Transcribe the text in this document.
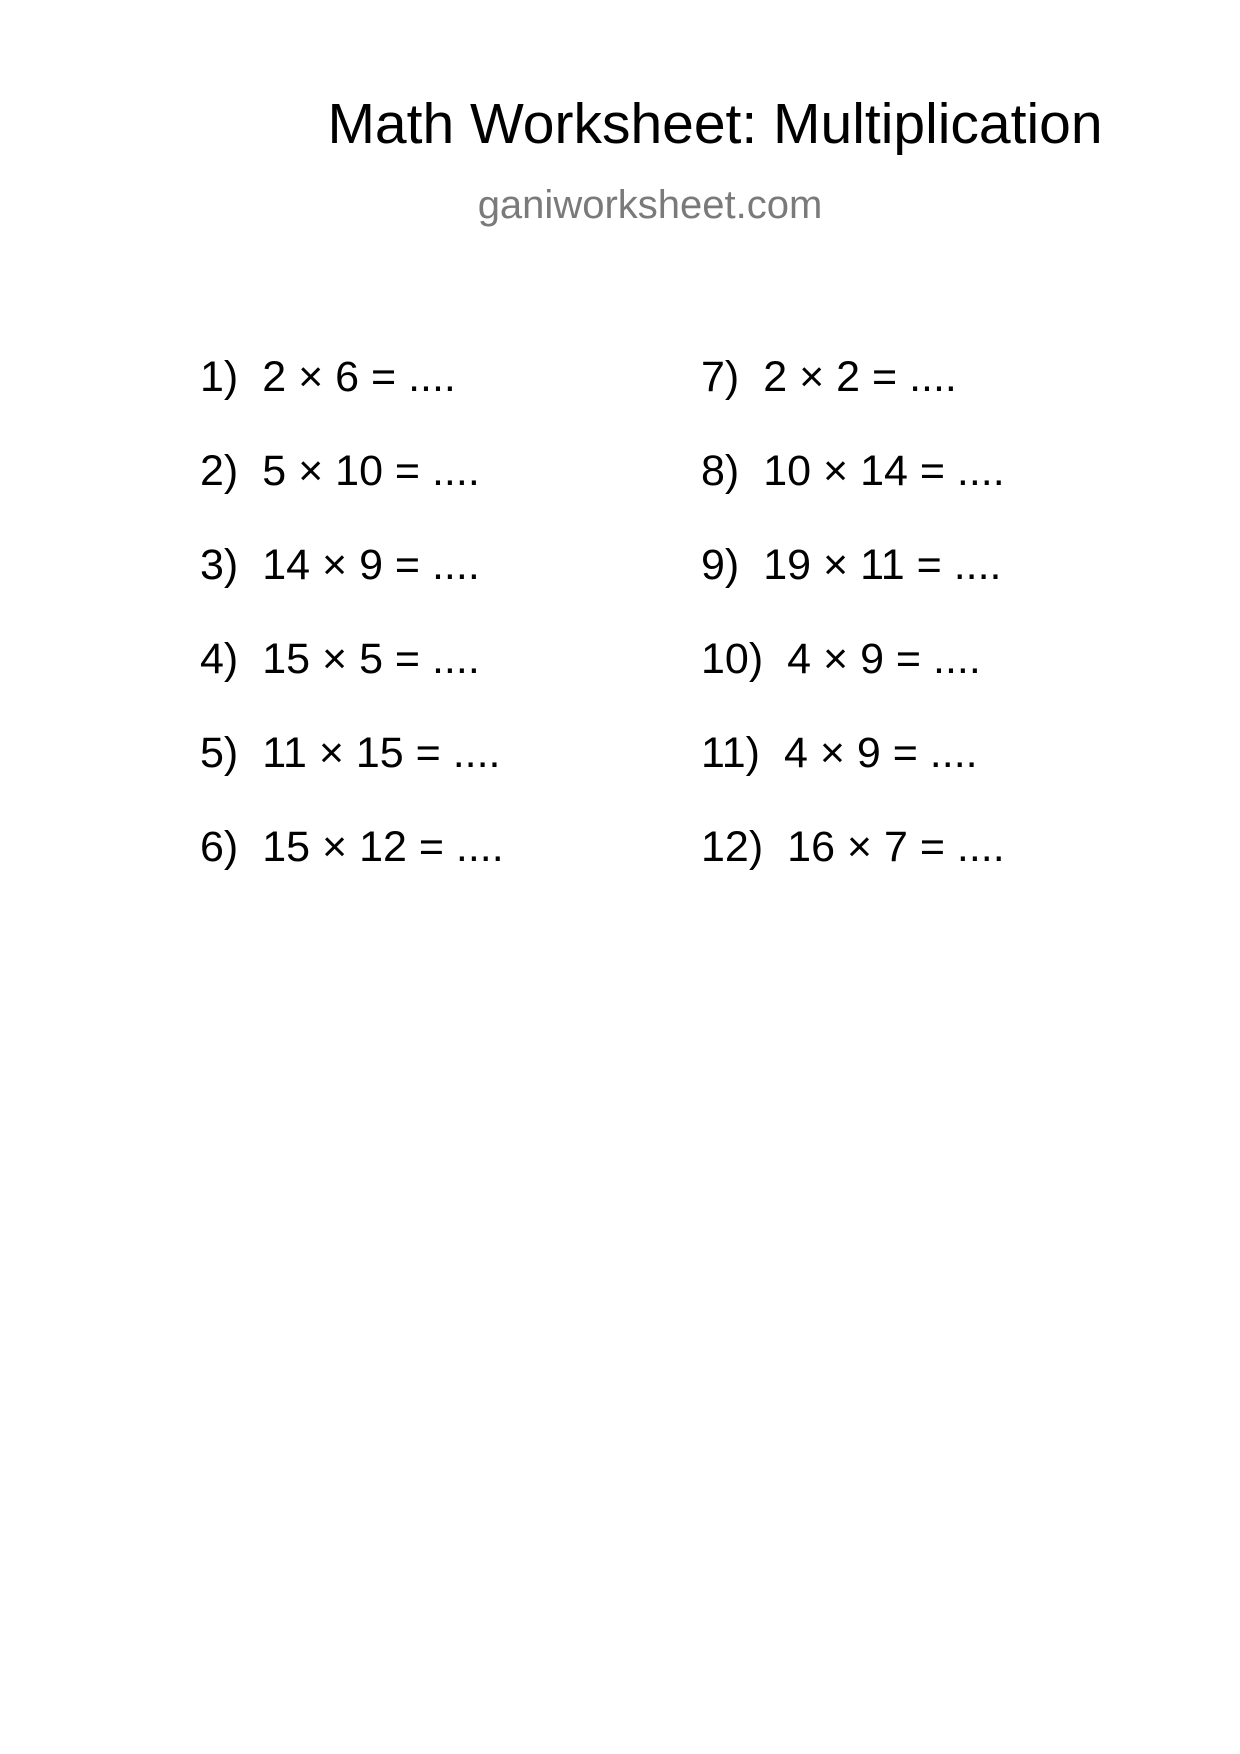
Math Worksheet: Multiplication
ganiworksheet.com
1) 2 × 6 = ....
2) 5 × 10 = ....
3) 14 × 9 = ....
4) 15 × 5 = ....
5) 11 × 15 = ....
6) 15 × 12 = ....
7) 2 × 2 = ....
8) 10 × 14 = ....
9) 19 × 11 = ....
10) 4 × 9 = ....
11) 4 × 9 = ....
12) 16 × 7 = ....
